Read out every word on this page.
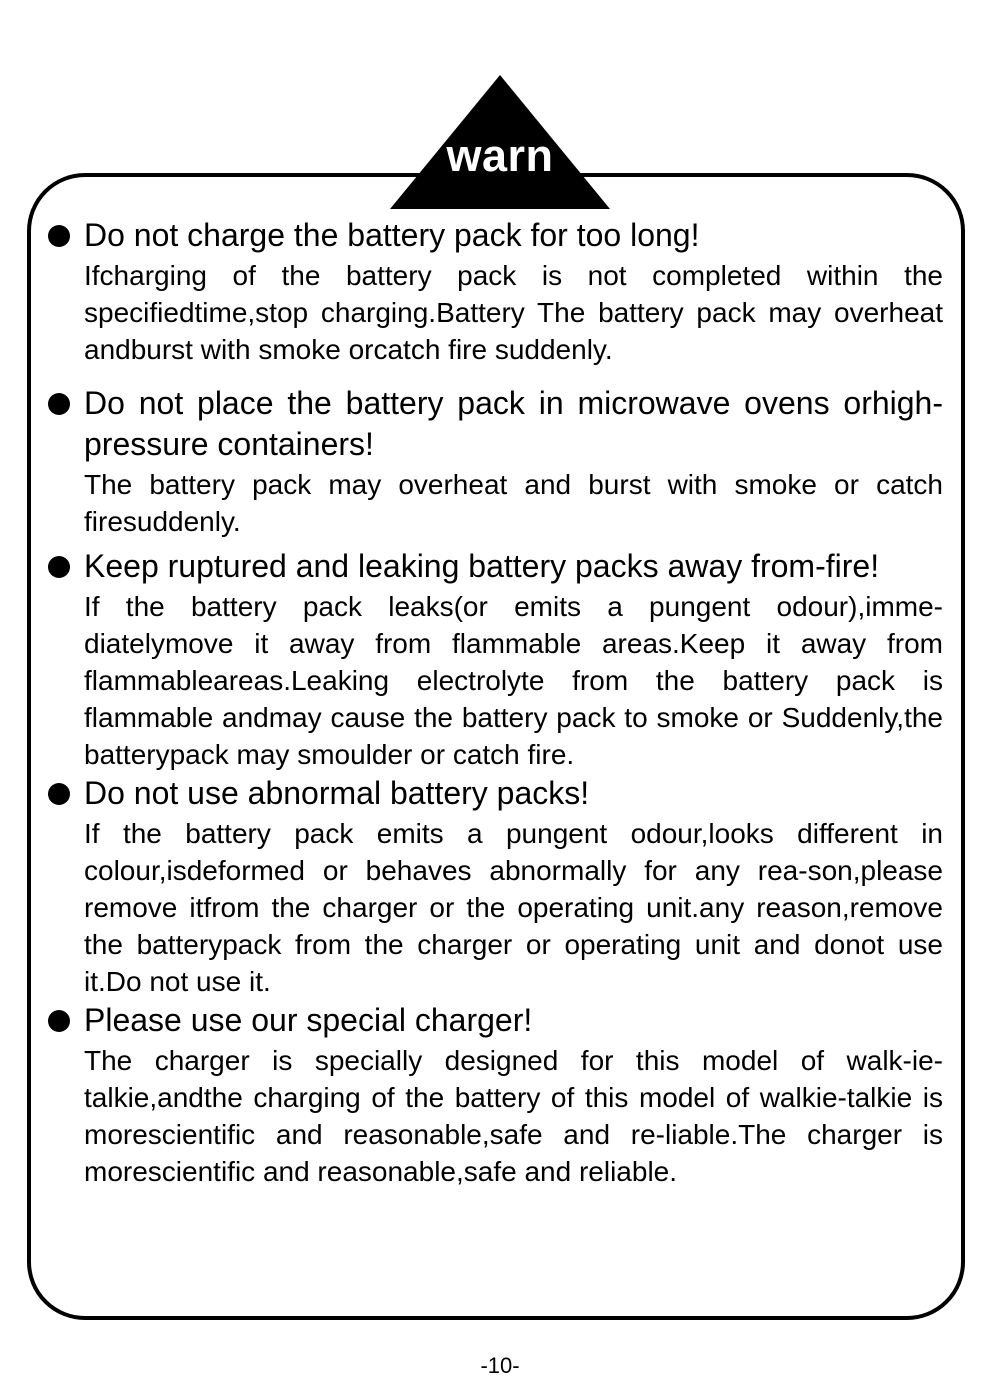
warn

Do not charge the battery pack for too long!

Ifcharging of the battery pack is not completed within the specifiedtime,stop charging.Battery The battery pack may overheat andburst with smoke orcatch fire suddenly.

Do not place the battery pack in microwave ovens orhigh-pressure containers!

The battery pack may overheat and burst with smoke or catch firesuddenly.

Keep ruptured and leaking battery packs away from-fire!

If the battery pack leaks(or emits a pungent odour),imme-diatelymove it away from flammable areas.Keep it away from flammableareas.Leaking electrolyte from the battery pack is flammable andmay cause the battery pack to smoke or Suddenly,the batterypack may smoulder or catch fire.

Do not use abnormal battery packs!

If the battery pack emits a pungent odour,looks different in colour,isdeformed or behaves abnormally for any rea-son,please remove itfrom the charger or the operating unit.any reason,remove the batterypack from the charger or operating unit and donot use it.Do not use it.

Please use our special charger!

The charger is specially designed for this model of walk-ie-talkie,andthe charging of the battery of this model of walkie-talkie is morescientific and reasonable,safe and re-liable.The charger is morescientific and reasonable,safe and reliable.

-10-
